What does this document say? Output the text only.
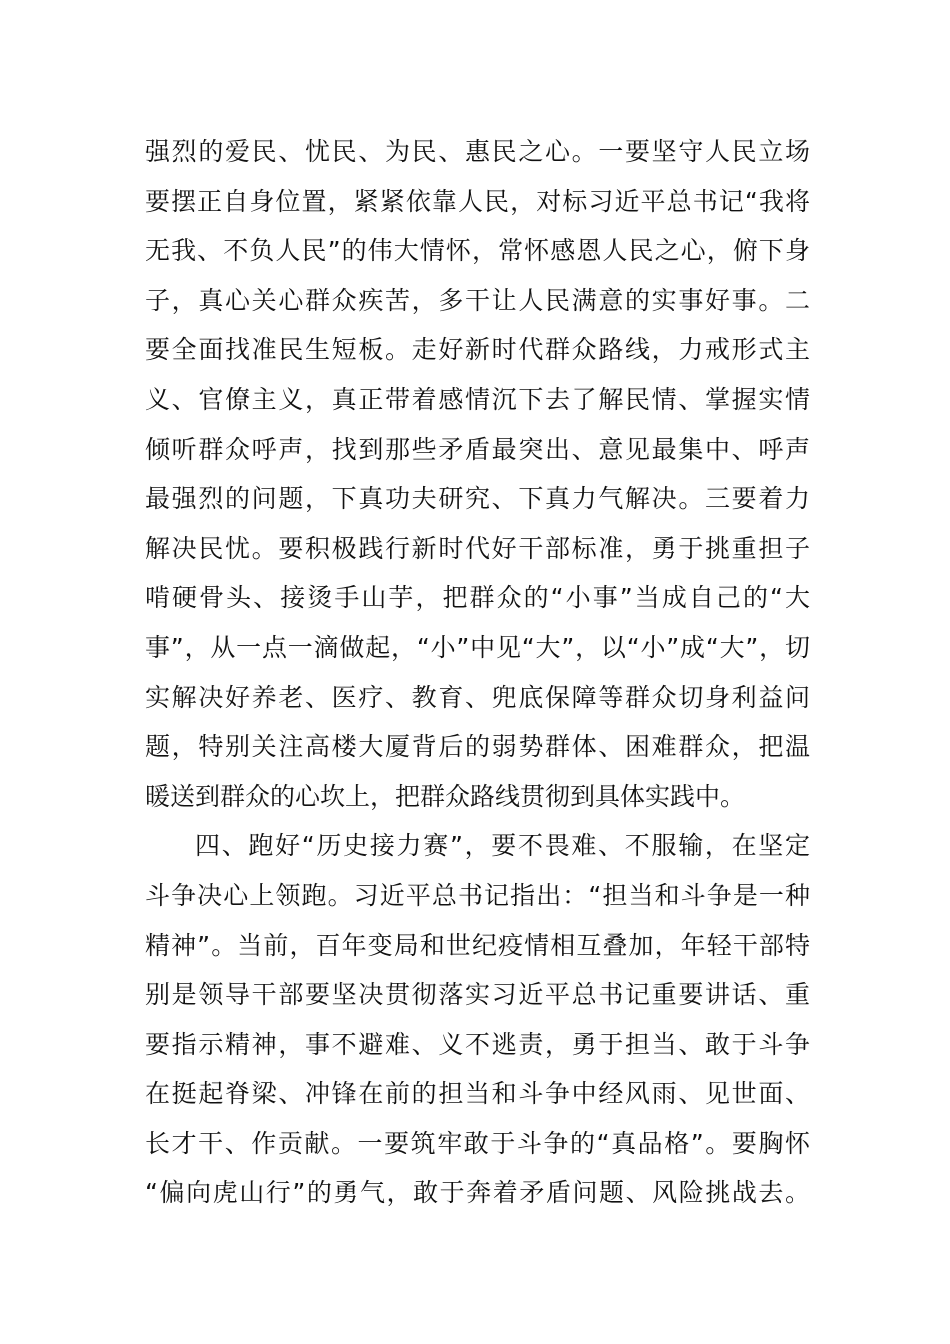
强烈的爱民、忧民、为民、惠民之心。一要坚守人民立场
要摆正自身位置，紧紧依靠人民，对标习近平总书记“我将
无我、不负人民”的伟大情怀，常怀感恩人民之心，俯下身
子，真心关心群众疾苦，多干让人民满意的实事好事。二
要全面找准民生短板。走好新时代群众路线，力戒形式主
义、官僚主义，真正带着感情沉下去了解民情、掌握实情
倾听群众呼声，找到那些矛盾最突出、意见最集中、呼声
最强烈的问题，下真功夫研究、下真力气解决。三要着力
解决民忧。要积极践行新时代好干部标准，勇于挑重担子
啃硬骨头、接烫手山芋，把群众的“小事”当成自己的“大
事”，从一点一滴做起，“小”中见“大”，以“小”成“大”，切
实解决好养老、医疗、教育、兜底保障等群众切身利益问
题，特别关注高楼大厦背后的弱势群体、困难群众，把温
暖送到群众的心坎上，把群众路线贯彻到具体实践中。
四、跑好“历史接力赛”，要不畏难、不服输，在坚定
斗争决心上领跑。习近平总书记指出：“担当和斗争是一种
精神”。当前，百年变局和世纪疫情相互叠加，年轻干部特
别是领导干部要坚决贯彻落实习近平总书记重要讲话、重
要指示精神，事不避难、义不逃责，勇于担当、敢于斗争
在挺起脊梁、冲锋在前的担当和斗争中经风雨、见世面、
长才干、作贡献。一要筑牢敢于斗争的“真品格”。要胸怀
“偏向虎山行”的勇气，敢于奔着矛盾问题、风险挑战去。
